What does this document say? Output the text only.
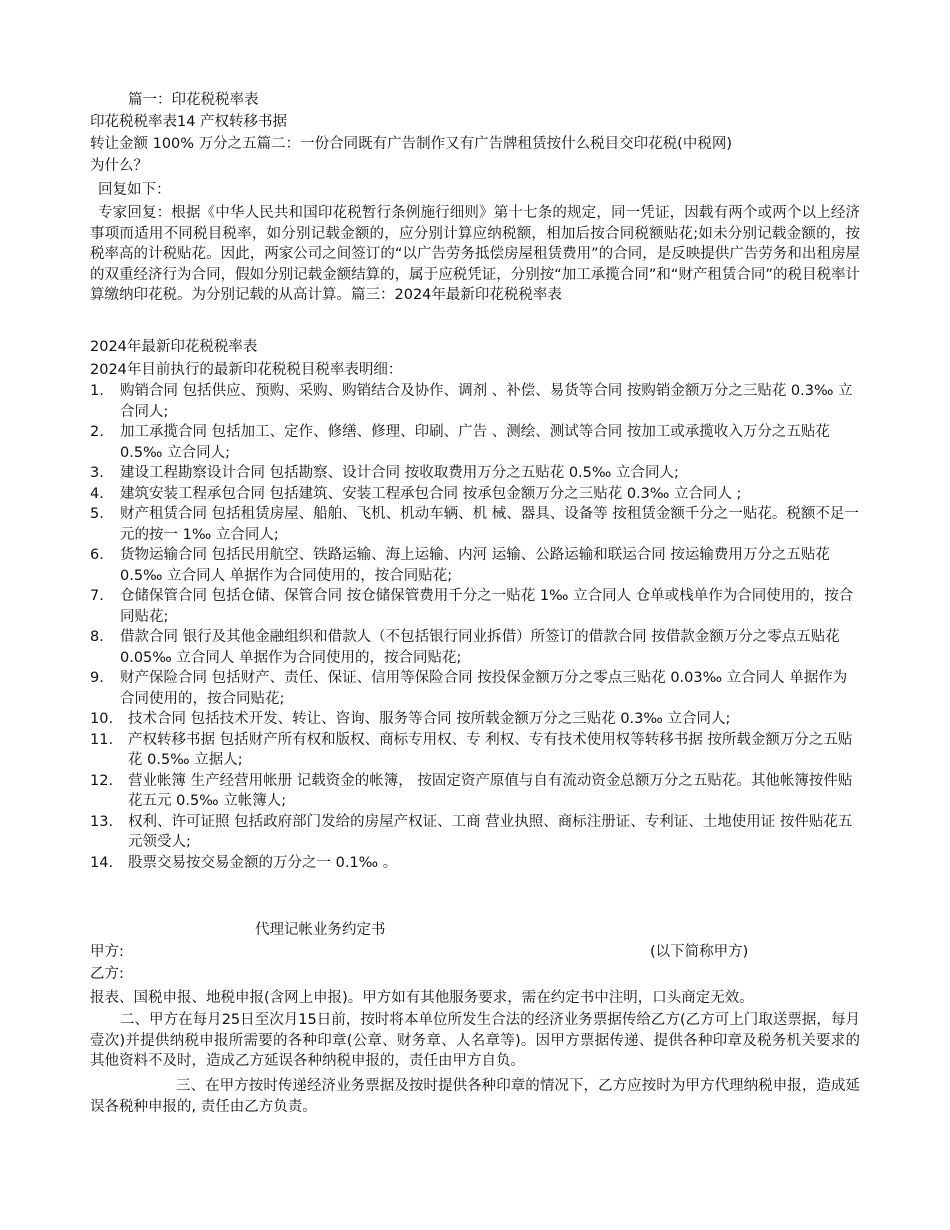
篇一：印花税税率表
印花税税率表14 产权转移书据
转让金额 100% 万分之五篇二：一份合同既有广告制作又有广告牌租赁按什么税目交印花税(中税网)
为什么？
回复如下：
专家回复：根据《中华人民共和国印花税暂行条例施行细则》第十七条的规定，同一凭证，因载有两个或两个以上经济事项而适用不同税目税率，如分别记载金额的，应分别计算应纳税额，相加后按合同税额贴花;如未分别记载金额的，按税率高的计税贴花。因此，两家公司之间签订的“以广告劳务抵偿房屋租赁费用”的合同，是反映提供广告劳务和出租房屋的双重经济行为合同，假如分别记载金额结算的，属于应税凭证，分别按“加工承揽合同”和“财产租赁合同”的税目税率计算缴纳印花税。为分别记载的从高计算。篇三：2024年最新印花税税率表
2024年最新印花税税率表
2024年目前执行的最新印花税税目税率表明细：
1. 购销合同 包括供应、预购、采购、购销结合及协作、调剂 、补偿、易货等合同 按购销金额万分之三贴花 0.3‰ 立合同人;
2. 加工承揽合同 包括加工、定作、修缮、修理、印刷、广告 、测绘、测试等合同 按加工或承揽收入万分之五贴花 0.5‰ 立合同人;
3. 建设工程勘察设计合同 包括勘察、设计合同 按收取费用万分之五贴花 0.5‰ 立合同人;
4. 建筑安装工程承包合同 包括建筑、安装工程承包合同 按承包金额万分之三贴花 0.3‰ 立合同人 ;
5. 财产租赁合同 包括租赁房屋、船舶、飞机、机动车辆、机 械、器具、设备等 按租赁金额千分之一贴花。税额不足一元的按一 1‰ 立合同人;
6. 货物运输合同 包括民用航空、铁路运输、海上运输、内河 运输、公路运输和联运合同 按运输费用万分之五贴花 0.5‰ 立合同人 单据作为合同使用的，按合同贴花;
7. 仓储保管合同 包括仓储、保管合同 按仓储保管费用千分之一贴花 1‰ 立合同人 仓单或栈单作为合同使用的，按合同贴花;
8. 借款合同 银行及其他金融组织和借款人（不包括银行同业拆借）所签订的借款合同 按借款金额万分之零点五贴花 0.05‰ 立合同人 单据作为合同使用的，按合同贴花;
9. 财产保险合同 包括财产、责任、保证、信用等保险合同 按投保金额万分之零点三贴花 0.03‰ 立合同人 单据作为合同使用的，按合同贴花;
10. 技术合同 包括技术开发、转让、咨询、服务等合同 按所载金额万分之三贴花 0.3‰ 立合同人;
11. 产权转移书据 包括财产所有权和版权、商标专用权、专 利权、专有技术使用权等转移书据 按所载金额万分之五贴花 0.5‰ 立据人;
12. 营业帐簿 生产经营用帐册 记载资金的帐簿， 按固定资产原值与自有流动资金总额万分之五贴花。其他帐簿按件贴花五元 0.5‰ 立帐簿人;
13. 权利、许可证照 包括政府部门发给的房屋产权证、工商 营业执照、商标注册证、专利证、土地使用证 按件贴花五元领受人;
14. 股票交易按交易金额的万分之一 0.1‰ 。
代理记帐业务约定书
甲方:	(以下简称甲方)
乙方:
报表、国税申报、地税申报(含网上申报)。甲方如有其他服务要求，需在约定书中注明，口头商定无效。
二、甲方在每月25日至次月15日前，按时将本单位所发生合法的经济业务票据传给乙方(乙方可上门取送票据，每月壹次)并提供纳税申报所需要的各种印章(公章、财务章、人名章等)。因甲方票据传递、提供各种印章及税务机关要求的其他资料不及时，造成乙方延误各种纳税申报的，责任由甲方自负。
三、在甲方按时传递经济业务票据及按时提供各种印章的情况下，乙方应按时为甲方代理纳税申报，造成延误各税种申报的, 责任由乙方负责。
